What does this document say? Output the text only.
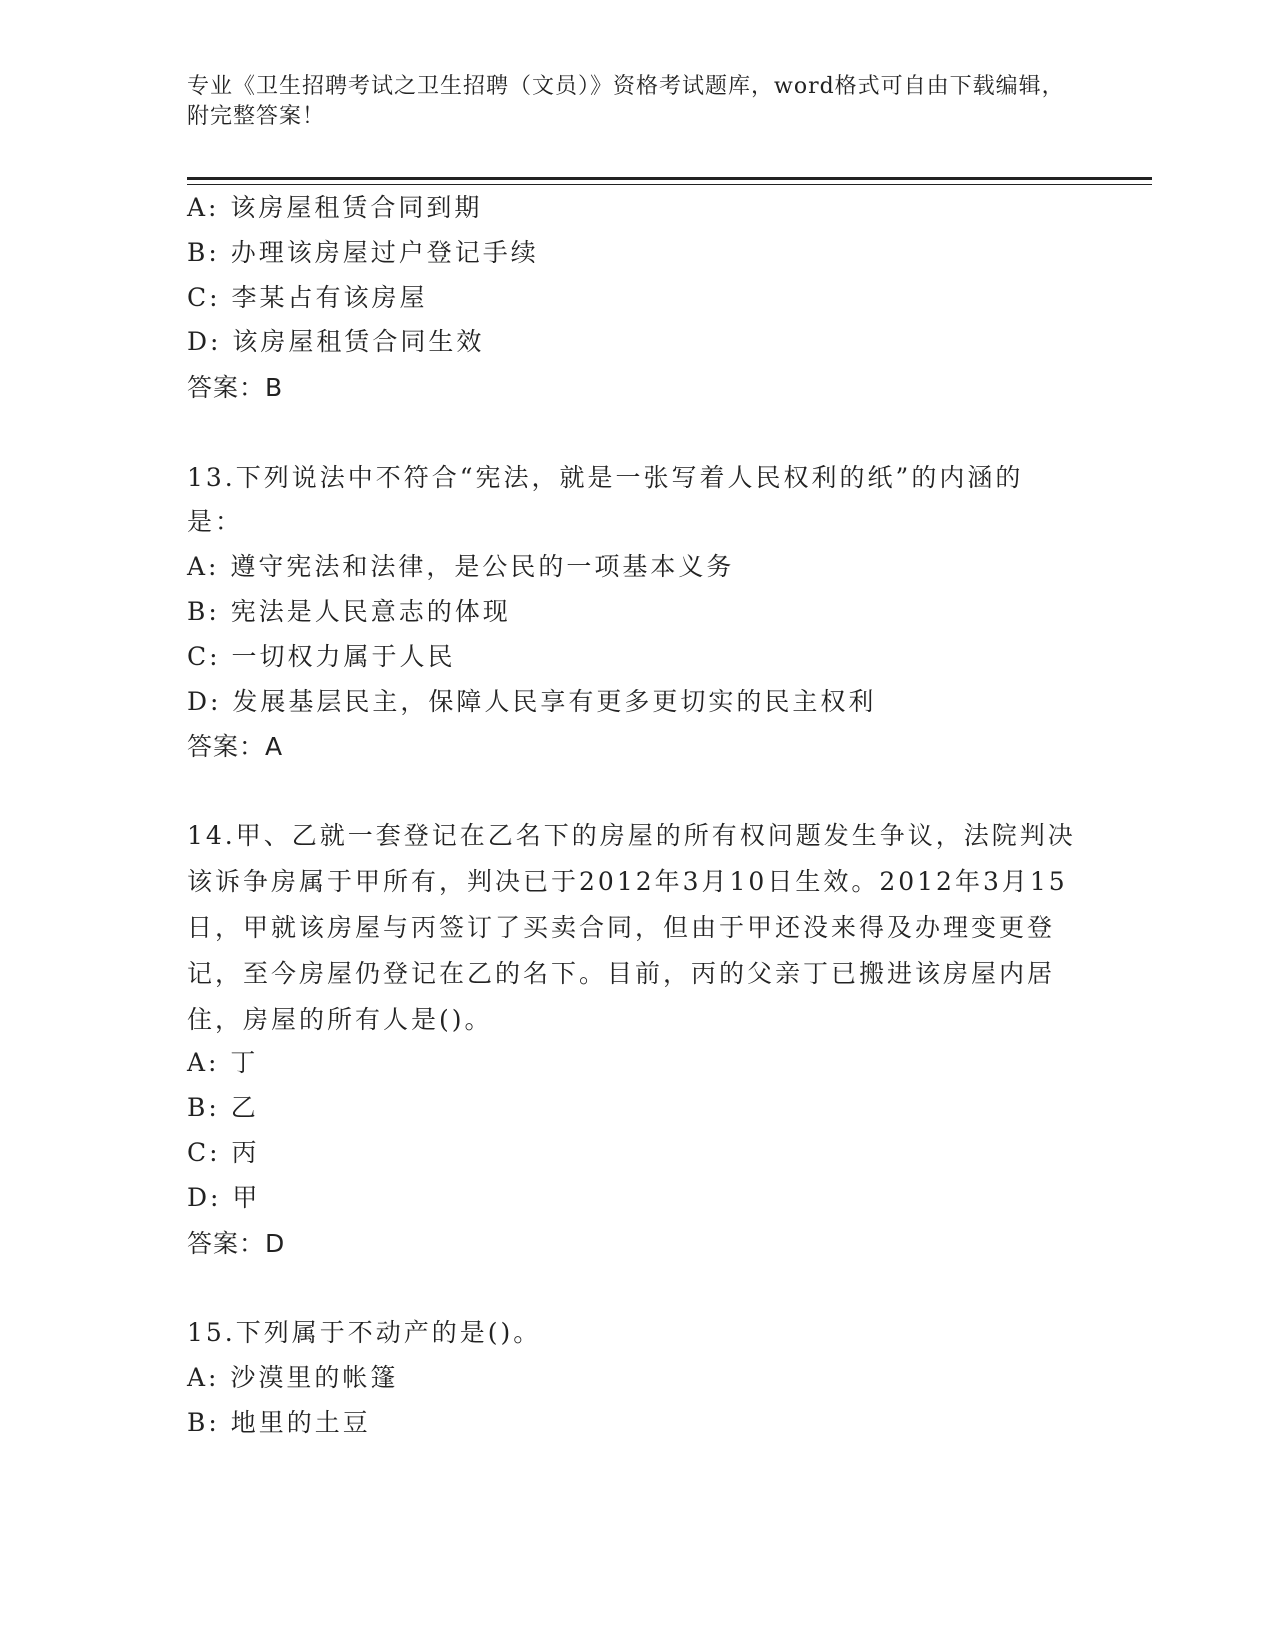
专业《卫生招聘考试之卫生招聘（文员）》资格考试题库，word格式可自由下载编辑，附完整答案！
A: 该房屋租赁合同到期
B: 办理该房屋过户登记手续
C: 李某占有该房屋
D: 该房屋租赁合同生效
答案：B
13.下列说法中不符合“宪法，就是一张写着人民权利的纸”的内涵的
是：
A: 遵守宪法和法律，是公民的一项基本义务
B: 宪法是人民意志的体现
C: 一切权力属于人民
D: 发展基层民主，保障人民享有更多更切实的民主权利
答案：A
14.甲、乙就一套登记在乙名下的房屋的所有权问题发生争议，法院判决该诉争房属于甲所有，判决已于2012年3月10日生效。2012年3月15日，甲就该房屋与丙签订了买卖合同，但由于甲还没来得及办理变更登记，至今房屋仍登记在乙的名下。目前，丙的父亲丁已搬进该房屋内居住，房屋的所有人是()。
A: 丁
B: 乙
C: 丙
D: 甲
答案：D
15.下列属于不动产的是()。
A: 沙漠里的帐篷
B: 地里的土豆
